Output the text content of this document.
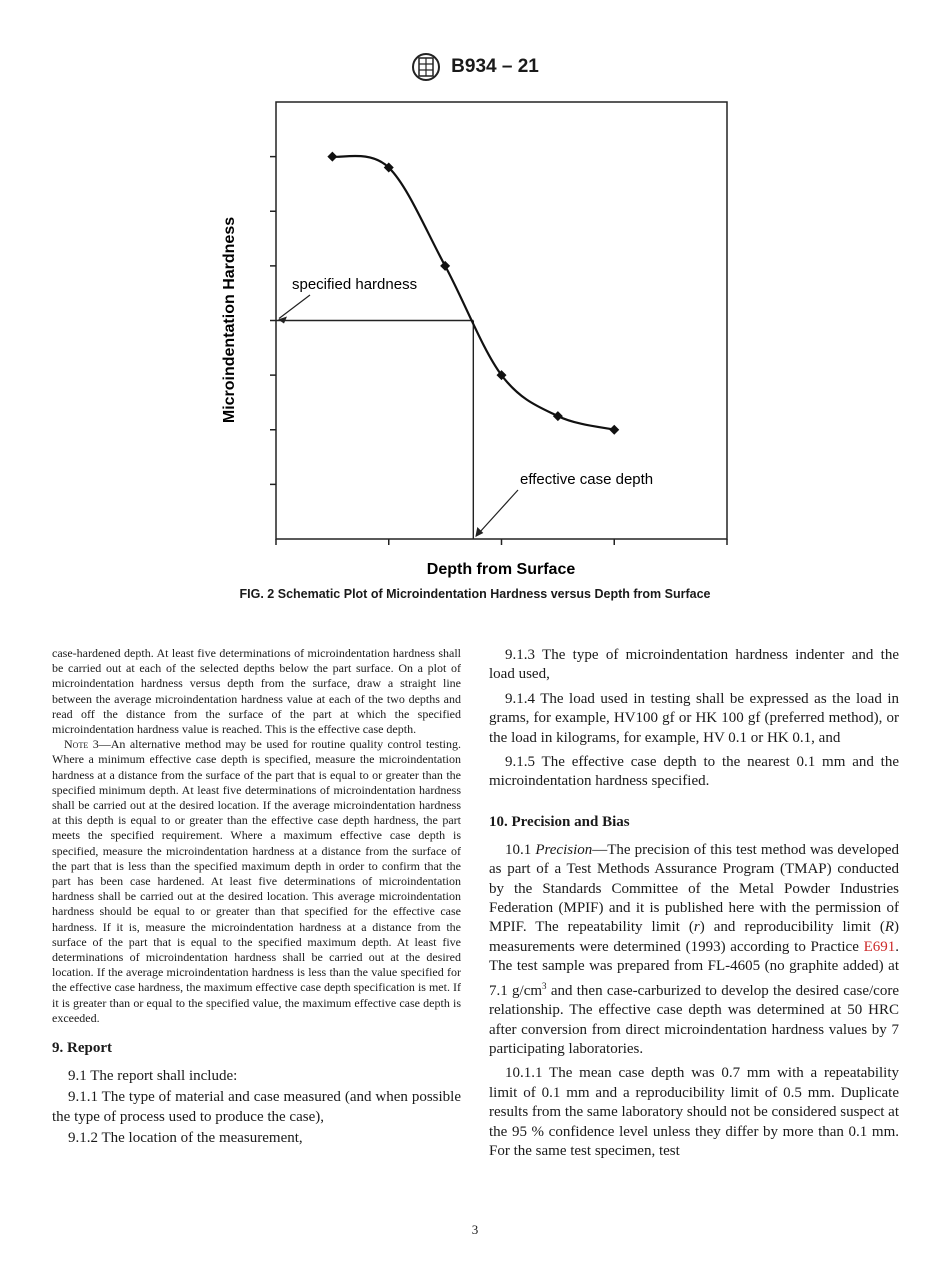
B934 – 21
Microindentation Hardness
Depth from Surface
specified hardness
effective case depth
FIG. 2 Schematic Plot of Microindentation Hardness versus Depth from Surface

case-hardened depth. At least five determinations of microindentation hardness shall be carried out at each of the selected depths below the part surface. On a plot of microindentation hardness versus depth from the surface, draw a straight line between the average microindentation hardness value at each of the two depths and read off the distance from the surface of the part at which the specified microindentation hardness value is reached. This is the effective case depth.

Note 3—An alternative method may be used for routine quality control testing. Where a minimum effective case depth is specified, measure the microindentation hardness at a distance from the surface of the part that is equal to or greater than the specified minimum depth. At least five determinations of microindentation hardness shall be carried out at the desired location. If the average microindentation hardness at this depth is equal to or greater than the effective case depth hardness, the part meets the specified requirement. Where a maximum effective case depth is specified, measure the microindentation hardness at a distance from the surface of the part that is less than the specified maximum depth in order to confirm that the part has been case hardened. At least five determinations of microindentation hardness shall be carried out at the desired location. This average microindentation hardness should be equal to or greater than that specified for the effective case hardness. If it is, measure the microindentation hardness at a distance from the surface of the part that is equal to the specified maximum depth. At least five determinations of microindentation hardness shall be carried out at the desired location. If the average microindentation hardness is less than the value specified for the effective case hardness, the maximum effective case depth specification is met. If it is greater than or equal to the specified value, the maximum effective case depth is exceeded.

9. Report

9.1 The report shall include:

9.1.1 The type of material and case measured (and when possible the type of process used to produce the case),

9.1.2 The location of the measurement,

9.1.3 The type of microindentation hardness indenter and the load used,

9.1.4 The load used in testing shall be expressed as the load in grams, for example, HV100 gf or HK 100 gf (preferred method), or the load in kilograms, for example, HV 0.1 or HK 0.1, and

9.1.5 The effective case depth to the nearest 0.1 mm and the microindentation hardness specified.

10. Precision and Bias

10.1 Precision—The precision of this test method was developed as part of a Test Methods Assurance Program (TMAP) conducted by the Standards Committee of the Metal Powder Industries Federation (MPIF) and it is published here with the permission of MPIF. The repeatability limit (r) and reproducibility limit (R) measurements were determined (1993) according to Practice E691. The test sample was prepared from FL-4605 (no graphite added) at 7.1 $g/cm^3$ and then case-carburized to develop the desired case/core relationship. The effective case depth was determined at 50 HRC after conversion from direct microindentation hardness values by 7 participating laboratories.

10.1.1 The mean case depth was 0.7 mm with a repeatability limit of 0.1 mm and a reproducibility limit of 0.5 mm. Duplicate results from the same laboratory should not be considered suspect at the 95 % confidence level unless they differ by more than 0.1 mm. For the same test specimen, test

3
